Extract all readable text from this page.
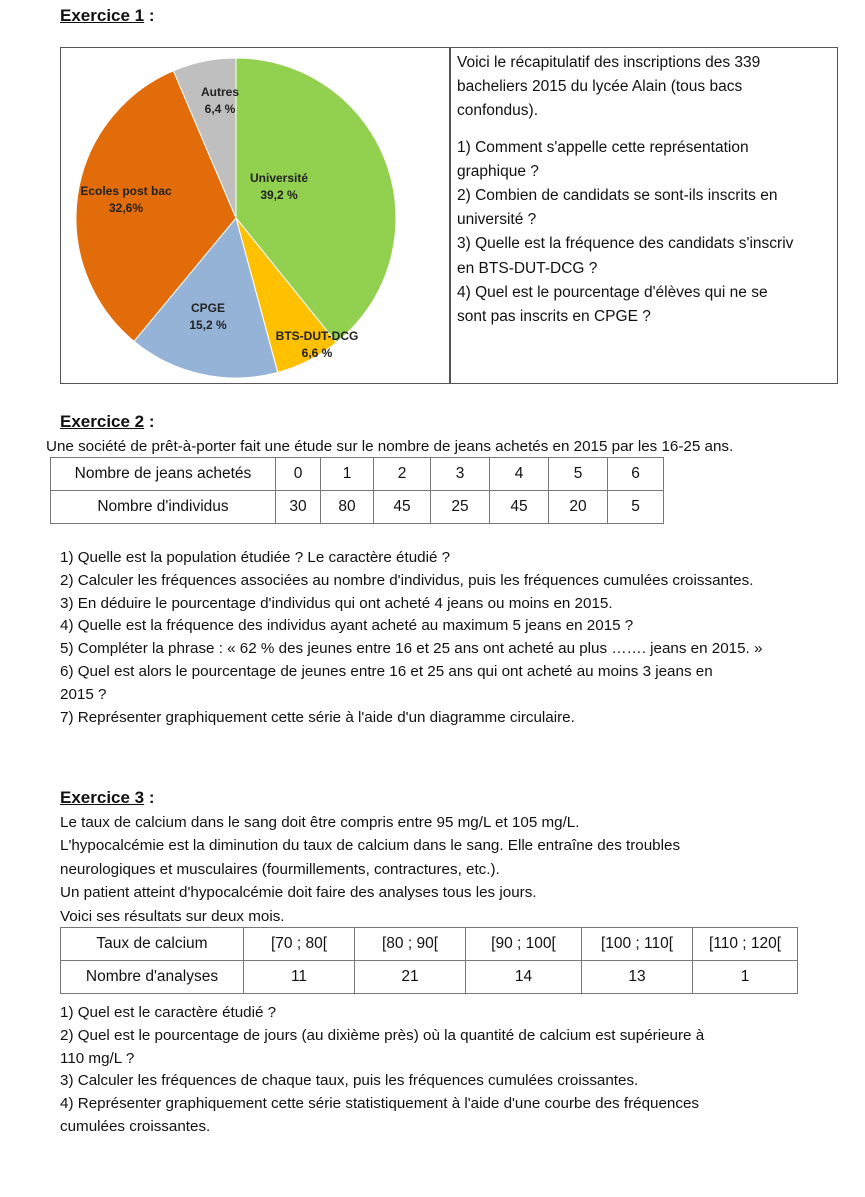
Exercice 1 :
Université
39,2 %
BTS-DUT-DCG
6,6 %
CPGE
15,2 %
Ecoles post bac
32,6%
Autres
6,4 %

Voici le récapitulatif des inscriptions des 339

bacheliers 2015 du lycée Alain (tous bacs

confondus).

1) Comment s'appelle cette représentation

graphique ?

2) Combien de candidats se sont-ils inscrits en

université ?

3) Quelle est la fréquence des candidats s'inscriv

en BTS-DUT-DCG ?

4) Quel est le pourcentage d'élèves qui ne se

sont pas inscrits en CPGE ?

Exercice 2 :
Une société de prêt-à-porter fait une étude sur le nombre de jeans achetés en 2015 par les 16-25 ans.
Nombre de jeans achetés	0	1	2	3	4	5	6
Nombre d'individus	30	80	45	25	45	20	5
1) Quelle est la population étudiée ? Le caractère étudié ?
2) Calculer les fréquences associées au nombre d'individus, puis les fréquences cumulées croissantes.
3) En déduire le pourcentage d'individus qui ont acheté 4 jeans ou moins en 2015.
4) Quelle est la fréquence des individus ayant acheté au maximum 5 jeans en 2015 ?
5) Compléter la phrase : « 62 % des jeunes entre 16 et 25 ans ont acheté au plus ……. jeans en 2015. »
6) Quel est alors le pourcentage de jeunes entre 16 et 25 ans qui ont acheté au moins 3 jeans en
2015 ?
7) Représenter graphiquement cette série à l'aide d'un diagramme circulaire.
Exercice 3 :
Le taux de calcium dans le sang doit être compris entre 95 mg/L et 105 mg/L.
L'hypocalcémie est la diminution du taux de calcium dans le sang. Elle entraîne des troubles
neurologiques et musculaires (fourmillements, contractures, etc.).
Un patient atteint d'hypocalcémie doit faire des analyses tous les jours.
Voici ses résultats sur deux mois.
Taux de calcium	[70 ; 80[	[80 ; 90[	[90 ; 100[	[100 ; 110[	[110 ; 120[
Nombre d'analyses	11	21	14	13	1
1) Quel est le caractère étudié ?
2) Quel est le pourcentage de jours (au dixième près) où la quantité de calcium est supérieure à
110 mg/L ?
3) Calculer les fréquences de chaque taux, puis les fréquences cumulées croissantes.
4) Représenter graphiquement cette série statistiquement à l'aide d'une courbe des fréquences
cumulées croissantes.
